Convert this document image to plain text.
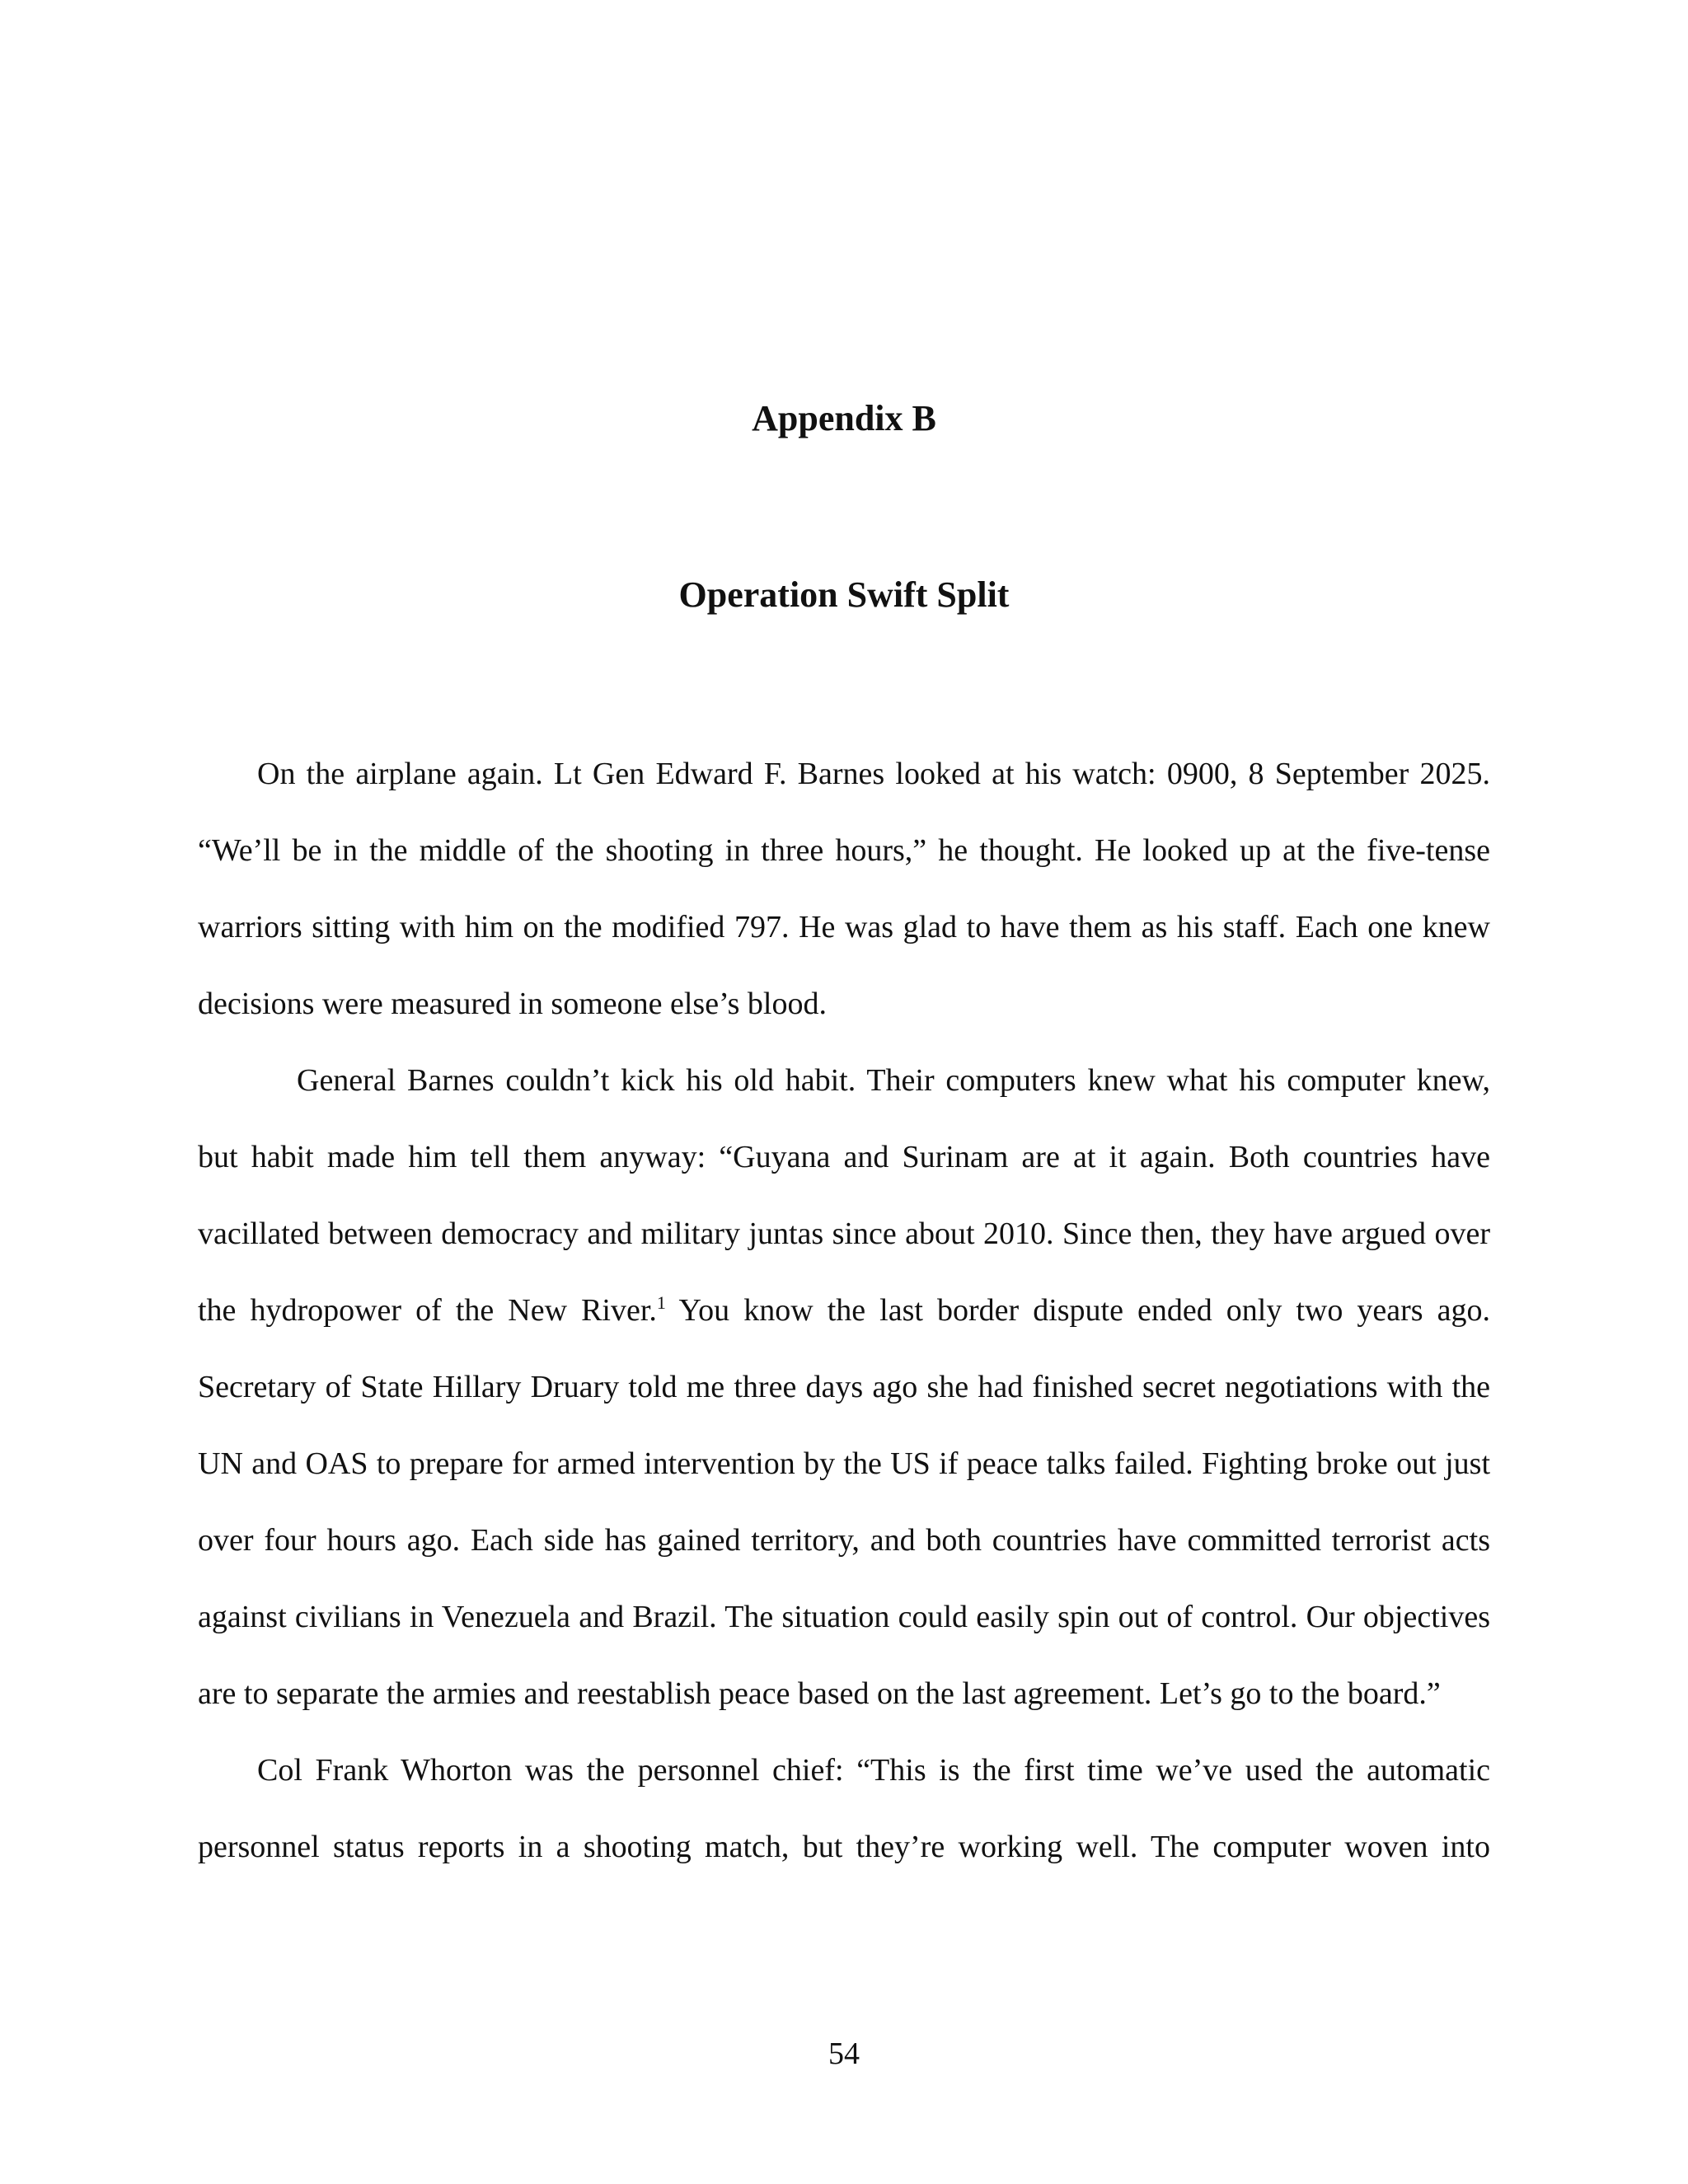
Appendix B
Operation Swift Split

On the airplane again. Lt Gen Edward F. Barnes looked at his watch: 0900, 8 September 2025. “We’ll be in the middle of the shooting in three hours,” he thought. He looked up at the five-tense warriors sitting with him on the modified 797. He was glad to have them as his staff. Each one knew decisions were measured in someone else’s blood.

General Barnes couldn’t kick his old habit. Their computers knew what his computer knew, but habit made him tell them anyway: “Guyana and Surinam are at it again. Both countries have vacillated between democracy and military juntas since about 2010. Since then, they have argued over the hydropower of the New River.$^1$ You know the last border dispute ended only two years ago. Secretary of State Hillary Druary told me three days ago she had finished secret negotiations with the UN and OAS to prepare for armed intervention by the US if peace talks failed. Fighting broke out just over four hours ago. Each side has gained territory, and both countries have committed terrorist acts against civilians in Venezuela and Brazil. The situation could easily spin out of control. Our objectives are to separate the armies and reestablish peace based on the last agreement. Let’s go to the board.”

Col Frank Whorton was the personnel chief: “This is the first time we’ve used the automatic personnel status reports in a shooting match, but they’re working well. The computer woven into

54
